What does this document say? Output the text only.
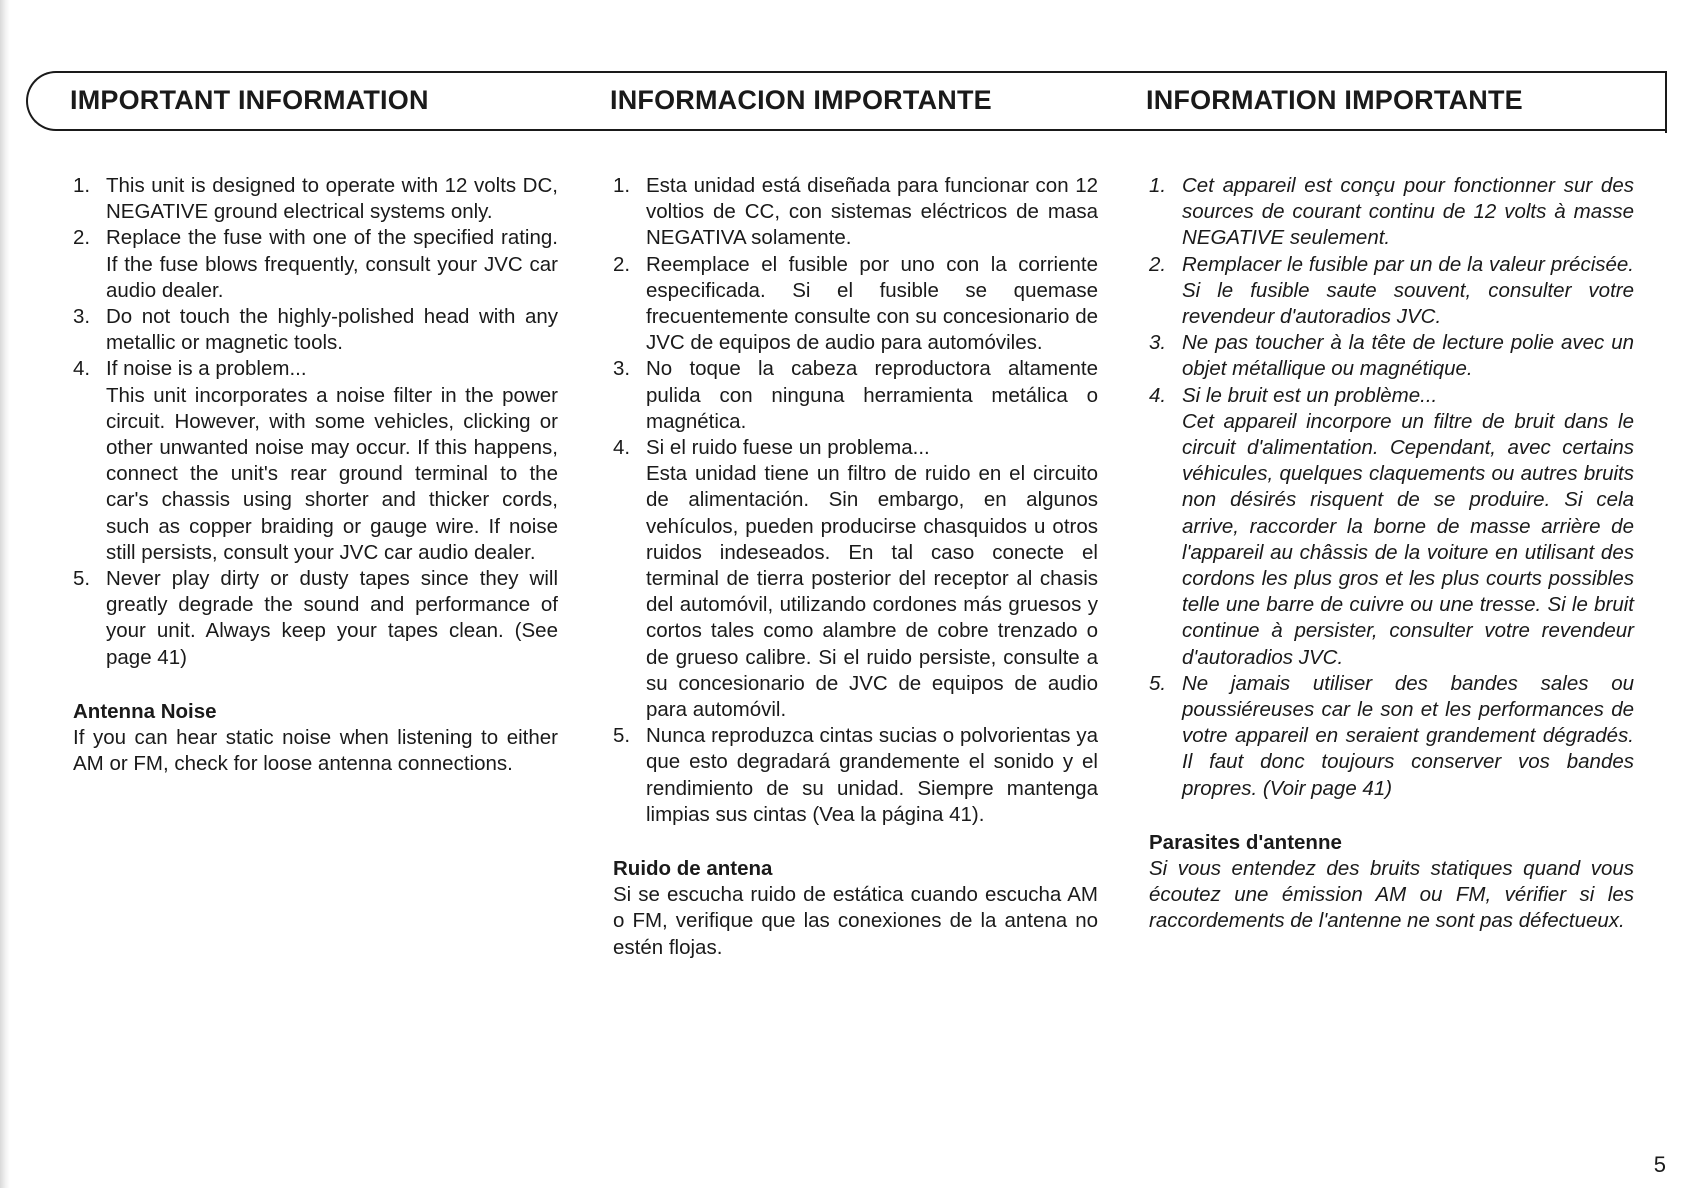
IMPORTANT INFORMATION	INFORMACION IMPORTANTE	INFORMATION IMPORTANTE
1. This unit is designed to operate with 12 volts DC, NEGATIVE ground electrical systems only.

2. Replace the fuse with one of the specified rating. If the fuse blows frequently, consult your JVC car audio dealer.

3. Do not touch the highly-polished head with any metallic or magnetic tools.

4. If noise is a problem...

This unit incorporates a noise filter in the power circuit. However, with some vehicles, clicking or other unwanted noise may occur. If this happens, connect the unit's rear ground terminal to the car's chassis using shorter and thicker cords, such as copper braiding or gauge wire. If noise still persists, consult your JVC car audio dealer.

5. Never play dirty or dusty tapes since they will greatly degrade the sound and performance of your unit. Always keep your tapes clean. (See page 41)

Antenna Noise

If you can hear static noise when listening to either AM or FM, check for loose antenna connections.

1. Esta unidad está diseñada para funcionar con 12 voltios de CC, con sistemas eléctricos de masa NEGATIVA solamente.

2. Reemplace el fusible por uno con la corriente especificada. Si el fusible se quemase frecuentemente consulte con su concesionario de JVC de equipos de audio para automóviles.

3. No toque la cabeza reproductora altamente pulida con ninguna herramienta metálica o magnética.

4. Si el ruido fuese un problema...

Esta unidad tiene un filtro de ruido en el circuito de alimentación. Sin embargo, en algunos vehículos, pueden producirse chasquidos u otros ruidos indeseados. En tal caso conecte el terminal de tierra posterior del receptor al chasis del automóvil, utilizando cordones más gruesos y cortos tales como alambre de cobre trenzado o de grueso calibre. Si el ruido persiste, consulte a su concesionario de JVC de equipos de audio para automóvil.

5. Nunca reproduzca cintas sucias o polvorientas ya que esto degradará grandemente el sonido y el rendimiento de su unidad. Siempre mantenga limpias sus cintas (Vea la página 41).

Ruido de antena

Si se escucha ruido de estática cuando escucha AM o FM, verifique que las conexiones de la antena no estén flojas.

1. Cet appareil est conçu pour fonctionner sur des sources de courant continu de 12 volts à masse NEGATIVE seulement.

2. Remplacer le fusible par un de la valeur précisée. Si le fusible saute souvent, consulter votre revendeur d'autoradios JVC.

3. Ne pas toucher à la tête de lecture polie avec un objet métallique ou magnétique.

4. Si le bruit est un problème...

Cet appareil incorpore un filtre de bruit dans le circuit d'alimentation. Cependant, avec certains véhicules, quelques claquements ou autres bruits non désirés risquent de se produire. Si cela arrive, raccorder la borne de masse arrière de l'appareil au châssis de la voiture en utilisant des cordons les plus gros et les plus courts possibles telle une barre de cuivre ou une tresse. Si le bruit continue à persister, consulter votre revendeur d'autoradios JVC.

5. Ne jamais utiliser des bandes sales ou poussiéreuses car le son et les performances de votre appareil en seraient grandement dégradés. Il faut donc toujours conserver vos bandes propres. (Voir page 41)

Parasites d'antenne

Si vous entendez des bruits statiques quand vous écoutez une émission AM ou FM, vérifier si les raccordements de l'antenne ne sont pas défectueux.

5
